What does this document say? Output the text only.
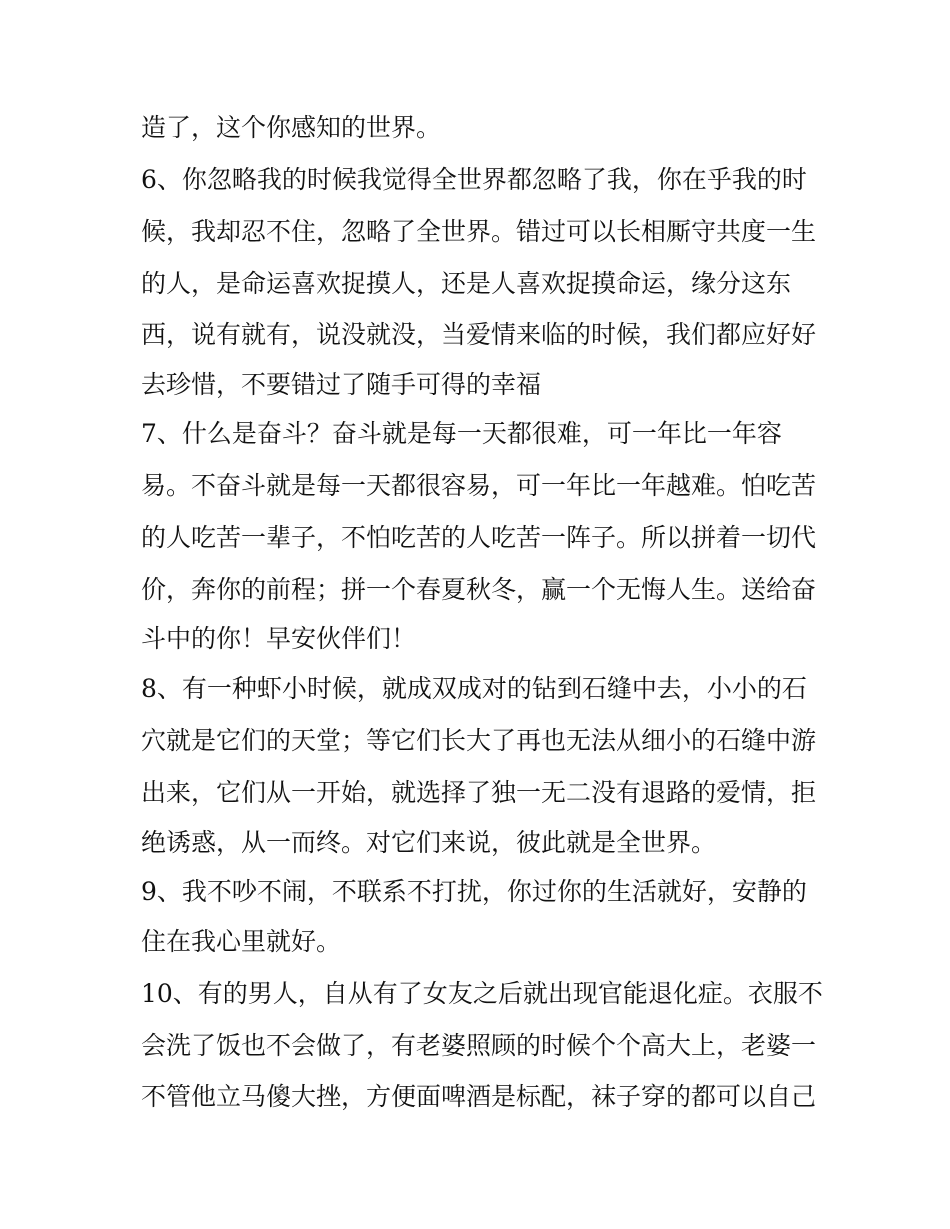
造了，这个你感知的世界。
6、你忽略我的时候我觉得全世界都忽略了我，你在乎我的时
候，我却忍不住，忽略了全世界。错过可以长相厮守共度一生
的人，是命运喜欢捉摸人，还是人喜欢捉摸命运，缘分这东
西，说有就有，说没就没，当爱情来临的时候，我们都应好好
去珍惜，不要错过了随手可得的幸福
7、什么是奋斗？奋斗就是每一天都很难，可一年比一年容
易。不奋斗就是每一天都很容易，可一年比一年越难。怕吃苦
的人吃苦一辈子，不怕吃苦的人吃苦一阵子。所以拼着一切代
价，奔你的前程；拼一个春夏秋冬，赢一个无悔人生。送给奋
斗中的你！早安伙伴们！
8、有一种虾小时候，就成双成对的钻到石缝中去，小小的石
穴就是它们的天堂；等它们长大了再也无法从细小的石缝中游
出来，它们从一开始，就选择了独一无二没有退路的爱情，拒
绝诱惑，从一而终。对它们来说，彼此就是全世界。
9、我不吵不闹，不联系不打扰，你过你的生活就好，安静的
住在我心里就好。
10、有的男人，自从有了女友之后就出现官能退化症。衣服不
会洗了饭也不会做了，有老婆照顾的时候个个高大上，老婆一
不管他立马傻大挫，方便面啤酒是标配，袜子穿的都可以自己
